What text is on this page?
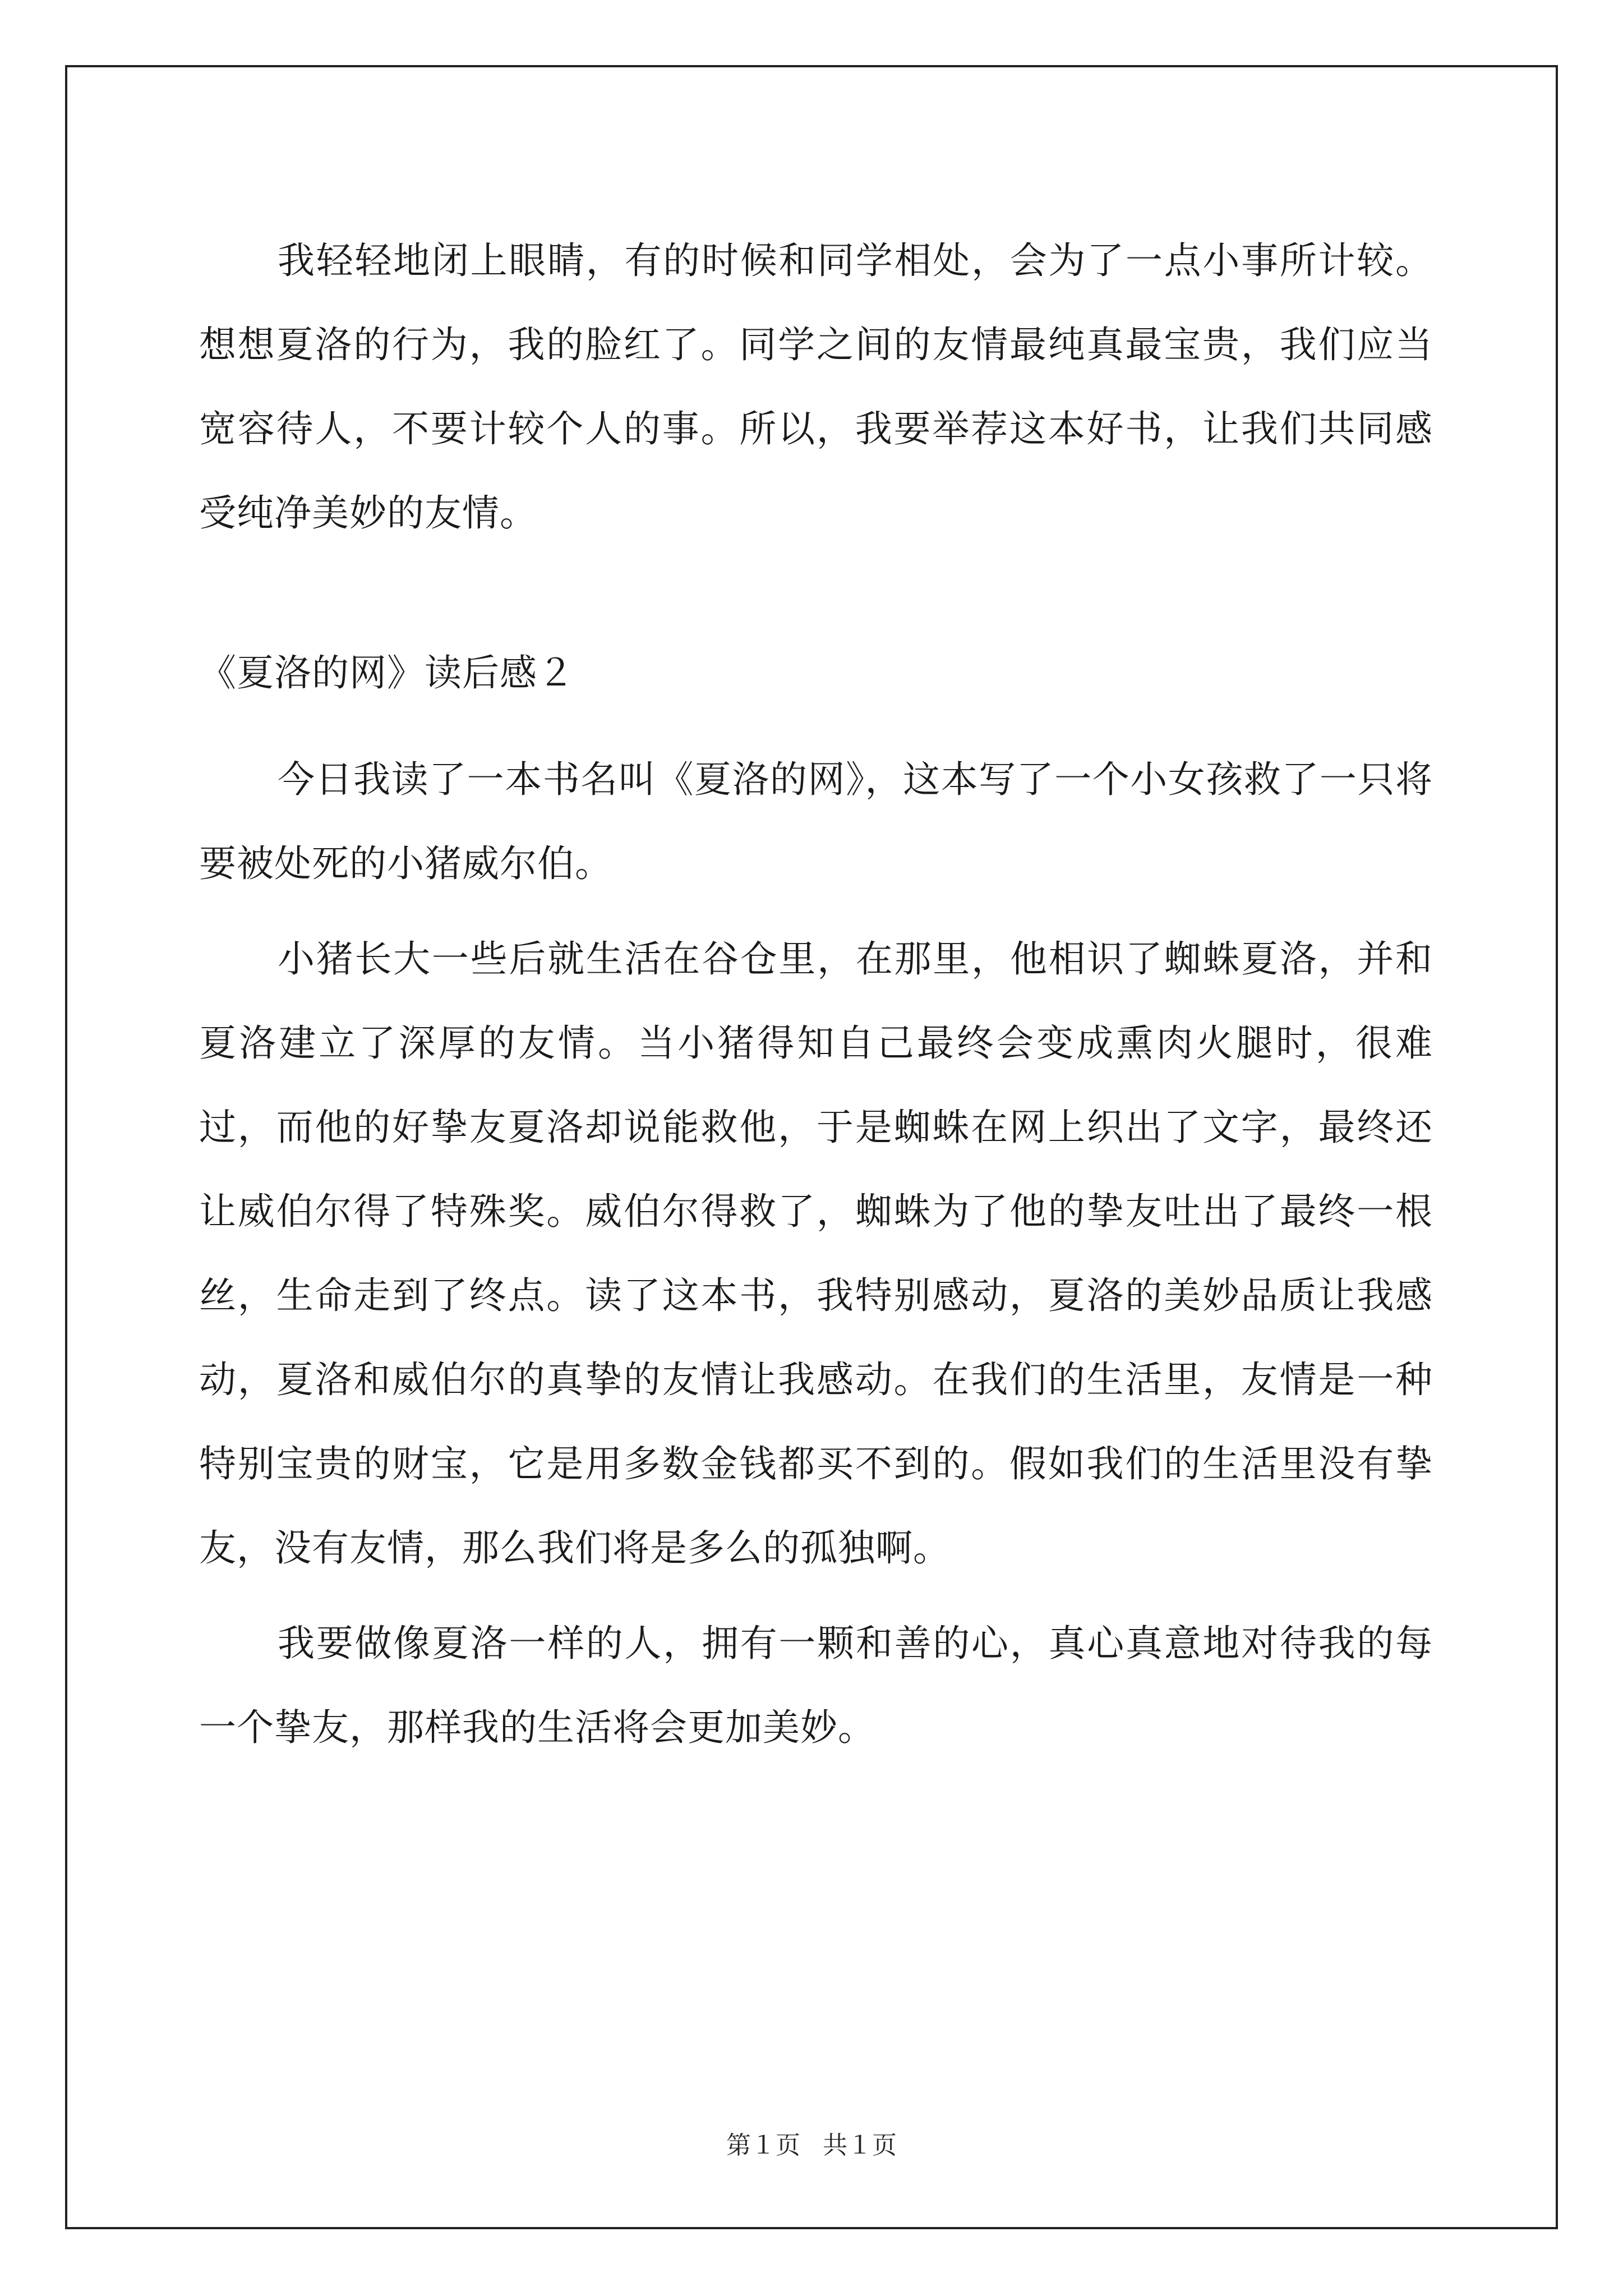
我轻轻地闭上眼睛，有的时候和同学相处，会为了一点小事所计较。想想夏洛的行为，我的脸红了。同学之间的友情最纯真最宝贵，我们应当宽容待人，不要计较个人的事。所以，我要举荐这本好书，让我们共同感受纯净美妙的友情。

《夏洛的网》读后感２

今日我读了一本书名叫《夏洛的网》，这本写了一个小女孩救了一只将要被处死的小猪威尔伯。

小猪长大一些后就生活在谷仓里，在那里，他相识了蜘蛛夏洛，并和夏洛建立了深厚的友情。当小猪得知自己最终会变成熏肉火腿时，很难过，而他的好挚友夏洛却说能救他，于是蜘蛛在网上织出了文字，最终还让威伯尔得了特殊奖。威伯尔得救了，蜘蛛为了他的挚友吐出了最终一根丝，生命走到了终点。读了这本书，我特别感动，夏洛的美妙品质让我感动，夏洛和威伯尔的真挚的友情让我感动。在我们的生活里，友情是一种特别宝贵的财宝，它是用多数金钱都买不到的。假如我们的生活里没有挚友，没有友情，那么我们将是多么的孤独啊。

我要做像夏洛一样的人，拥有一颗和善的心，真心真意地对待我的每一个挚友，那样我的生活将会更加美妙。

第１页 共１页
